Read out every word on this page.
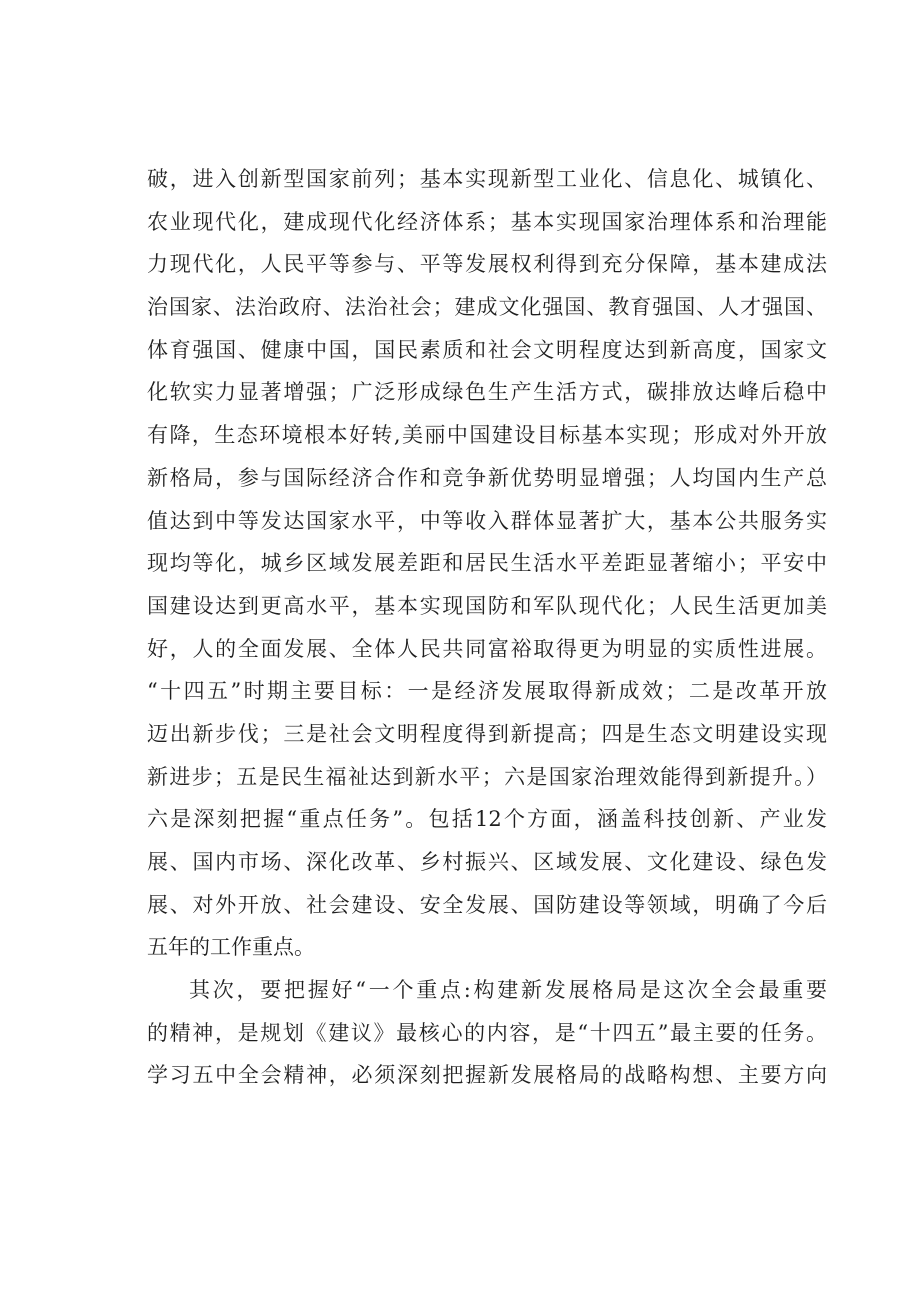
破，进入创新型国家前列；基本实现新型工业化、信息化、城镇化、
农业现代化，建成现代化经济体系；基本实现国家治理体系和治理能
力现代化，人民平等参与、平等发展权利得到充分保障，基本建成法
治国家、法治政府、法治社会；建成文化强国、教育强国、人才强国、
体育强国、健康中国，国民素质和社会文明程度达到新高度，国家文
化软实力显著增强；广泛形成绿色生产生活方式，碳排放达峰后稳中
有降，生态环境根本好转,美丽中国建设目标基本实现；形成对外开放
新格局，参与国际经济合作和竞争新优势明显增强；人均国内生产总
值达到中等发达国家水平，中等收入群体显著扩大，基本公共服务实
现均等化，城乡区域发展差距和居民生活水平差距显著缩小；平安中
国建设达到更高水平，基本实现国防和军队现代化；人民生活更加美
好，人的全面发展、全体人民共同富裕取得更为明显的实质性进展。
“十四五”时期主要目标：一是经济发展取得新成效；二是改革开放
迈出新步伐；三是社会文明程度得到新提高；四是生态文明建设实现
新进步；五是民生福祉达到新水平；六是国家治理效能得到新提升。）
六是深刻把握“重点任务”。包括12个方面，涵盖科技创新、产业发
展、国内市场、深化改革、乡村振兴、区域发展、文化建设、绿色发
展、对外开放、社会建设、安全发展、国防建设等领域，明确了今后
五年的工作重点。
其次，要把握好“一个重点:构建新发展格局是这次全会最重要
的精神，是规划《建议》最核心的内容，是“十四五”最主要的任务。
学习五中全会精神，必须深刻把握新发展格局的战略构想、主要方向
